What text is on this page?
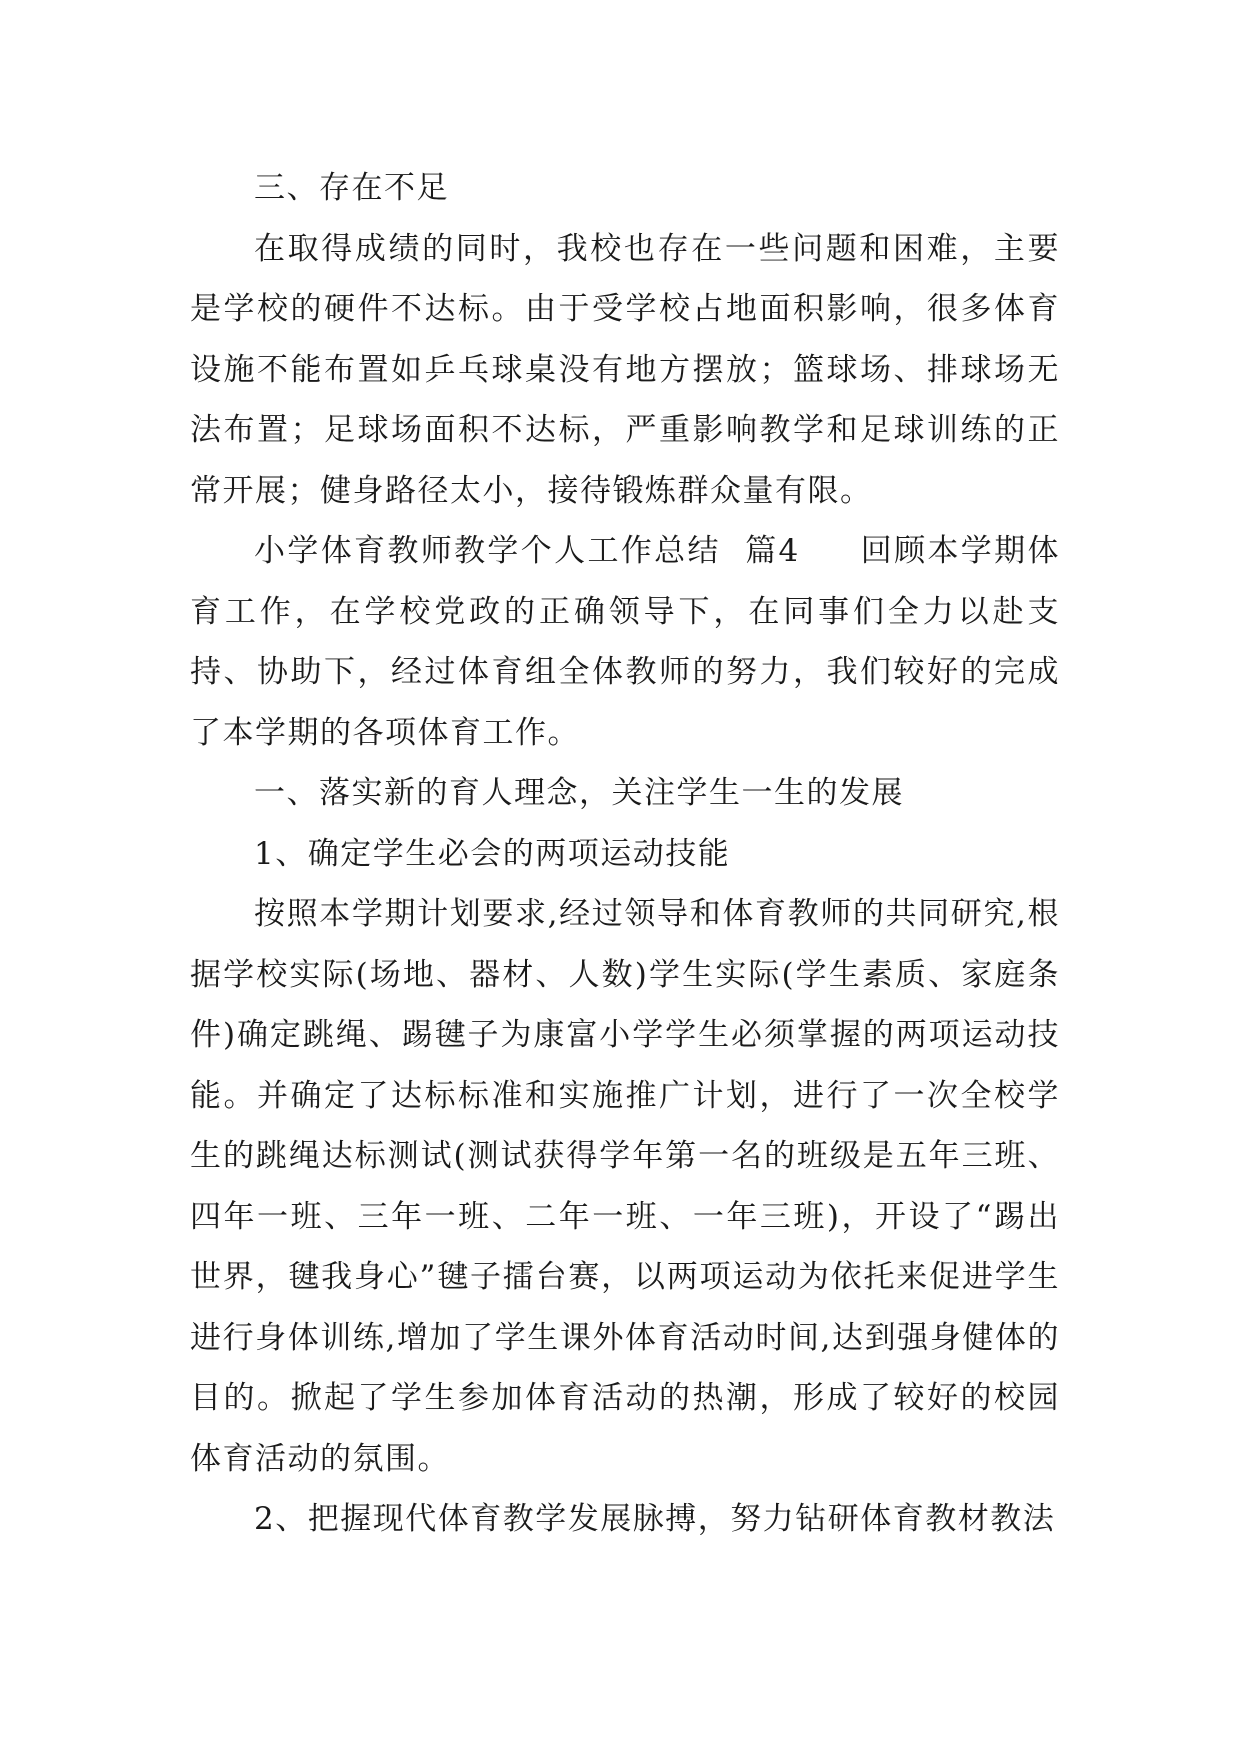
三、存在不足

在取得成绩的同时，我校也存在一些问题和困难，主要是学校的硬件不达标。由于受学校占地面积影响，很多体育设施不能布置如乒乓球桌没有地方摆放；篮球场、排球场无法布置；足球场面积不达标，严重影响教学和足球训练的正常开展；健身路径太小，接待锻炼群众量有限。

小学体育教师教学个人工作总结  篇4     回顾本学期体育工作，在学校党政的正确领导下，在同事们全力以赴支持、协助下，经过体育组全体教师的努力，我们较好的完成了本学期的各项体育工作。

一、落实新的育人理念，关注学生一生的发展

1、确定学生必会的两项运动技能

按照本学期计划要求,经过领导和体育教师的共同研究,根据学校实际(场地、器材、人数)学生实际(学生素质、家庭条件)确定跳绳、踢毽子为康富小学学生必须掌握的两项运动技能。并确定了达标标准和实施推广计划，进行了一次全校学生的跳绳达标测试(测试获得学年第一名的班级是五年三班、四年一班、三年一班、二年一班、一年三班)，开设了“踢出世界，毽我身心”毽子擂台赛，以两项运动为依托来促进学生进行身体训练,增加了学生课外体育活动时间,达到强身健体的目的。掀起了学生参加体育活动的热潮，形成了较好的校园体育活动的氛围。

2、把握现代体育教学发展脉搏，努力钻研体育教材教法
